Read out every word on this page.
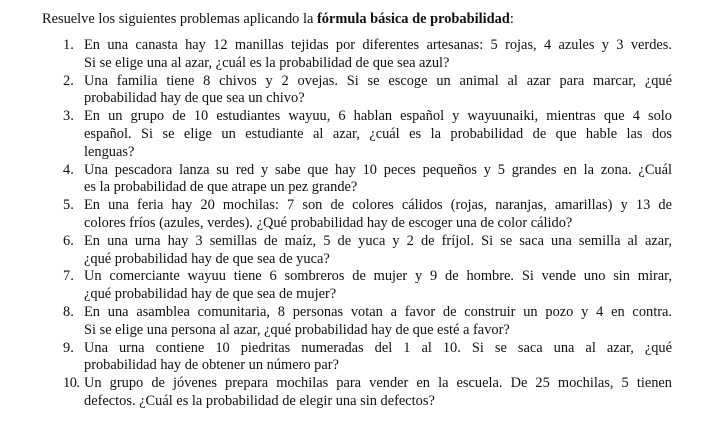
Resuelve los siguientes problemas aplicando la fórmula básica de probabilidad:
1. En una canasta hay 12 manillas tejidas por diferentes artesanas: 5 rojas, 4 azules y 3 verdes.
Si se elige una al azar, ¿cuál es la probabilidad de que sea azul?
2. Una familia tiene 8 chivos y 2 ovejas. Si se escoge un animal al azar para marcar, ¿qué
probabilidad hay de que sea un chivo?
3. En un grupo de 10 estudiantes wayuu, 6 hablan español y wayuunaiki, mientras que 4 solo
español. Si se elige un estudiante al azar, ¿cuál es la probabilidad de que hable las dos
lenguas?
4. Una pescadora lanza su red y sabe que hay 10 peces pequeños y 5 grandes en la zona. ¿Cuál
es la probabilidad de que atrape un pez grande?
5. En una feria hay 20 mochilas: 7 son de colores cálidos (rojas, naranjas, amarillas) y 13 de
colores fríos (azules, verdes). ¿Qué probabilidad hay de escoger una de color cálido?
6. En una urna hay 3 semillas de maíz, 5 de yuca y 2 de fríjol. Si se saca una semilla al azar,
¿qué probabilidad hay de que sea de yuca?
7. Un comerciante wayuu tiene 6 sombreros de mujer y 9 de hombre. Si vende uno sin mirar,
¿qué probabilidad hay de que sea de mujer?
8. En una asamblea comunitaria, 8 personas votan a favor de construir un pozo y 4 en contra.
Si se elige una persona al azar, ¿qué probabilidad hay de que esté a favor?
9. Una urna contiene 10 piedritas numeradas del 1 al 10. Si se saca una al azar, ¿qué
probabilidad hay de obtener un número par?
10. Un grupo de jóvenes prepara mochilas para vender en la escuela. De 25 mochilas, 5 tienen
defectos. ¿Cuál es la probabilidad de elegir una sin defectos?
